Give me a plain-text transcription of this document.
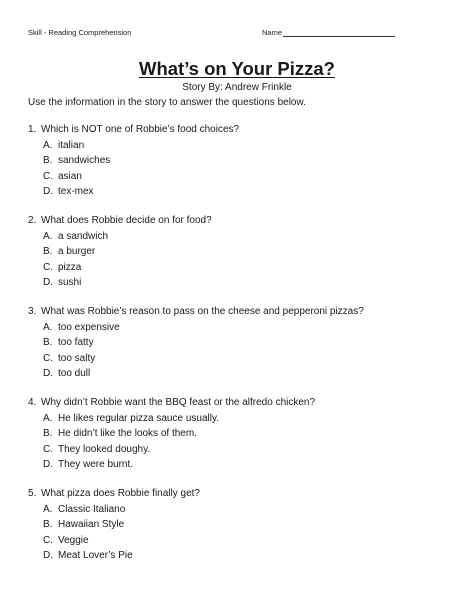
Skill - Reading Comprehension	Name
What’s on Your Pizza?
Story By: Andrew Frinkle
Use the information in the story to answer the questions below.
1. Which is NOT one of Robbie’s food choices?
A. italian
B. sandwiches
C. asian
D. tex-mex
2. What does Robbie decide on for food?
A. a sandwich
B. a burger
C. pizza
D. sushi
3. What was Robbie’s reason to pass on the cheese and pepperoni pizzas?
A. too expensive
B. too fatty
C. too salty
D. too dull
4. Why didn’t Robbie want the BBQ feast or the alfredo chicken?
A. He likes regular pizza sauce usually.
B. He didn’t like the looks of them.
C. They looked doughy.
D. They were burnt.
5. What pizza does Robbie finally get?
A. Classic Italiano
B. Hawaiian Style
C. Veggie
D. Meat Lover’s Pie
